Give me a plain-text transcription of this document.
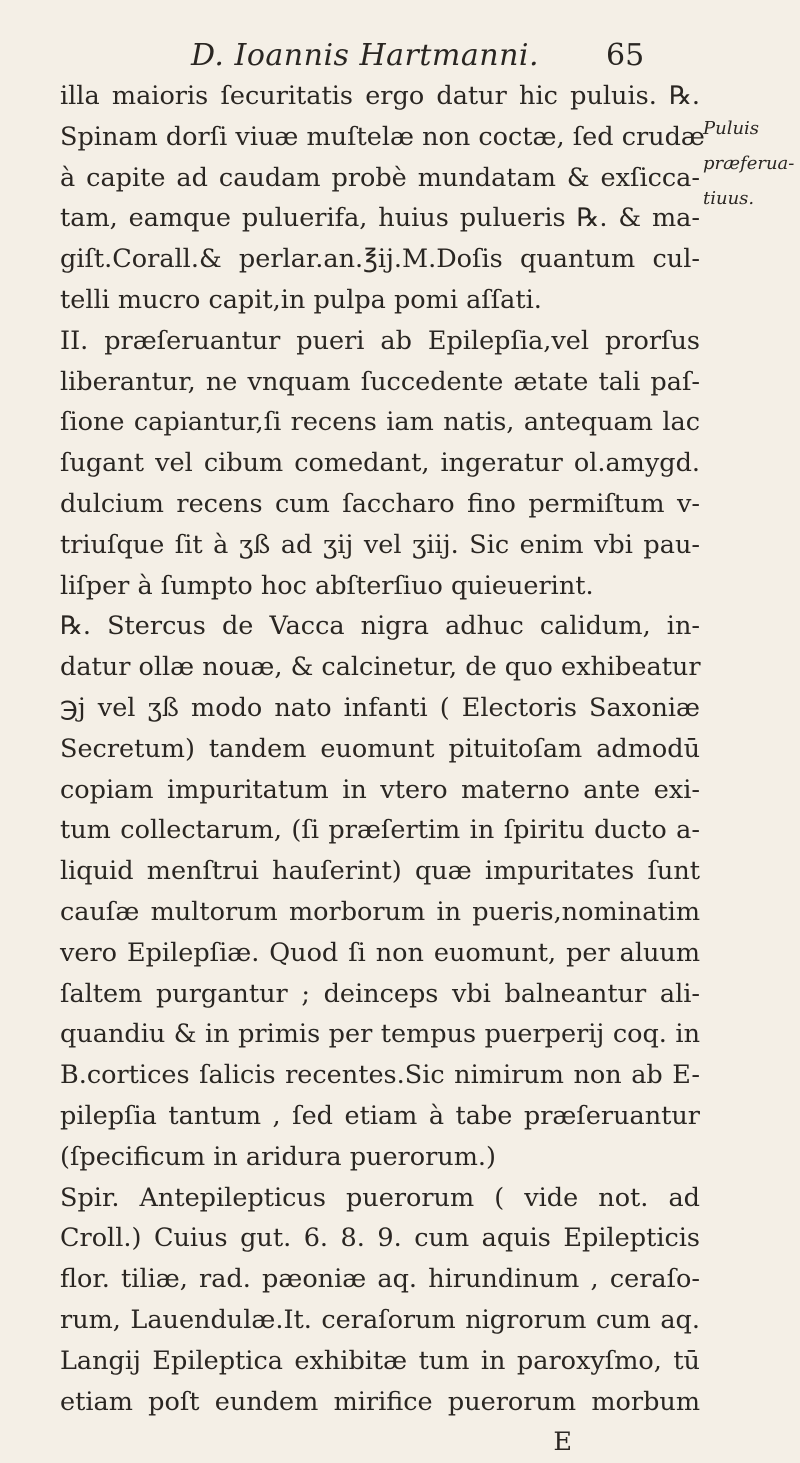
D. Ioannis Hartmanni.	65
Puluis
præferua-
tiuus.
illa maioris ſecuritatis ergo datur hic puluis. ℞.
Spinam dorſi viuæ muſtelæ non coctæ, ſed crudæ
à capite ad caudam probè mundatam & exſicca-
tam, eamque puluerifa, huius pulueris ℞. & ma-
giſt.Corall.& perlar.an.℥ij.M.Doſis quantum cul-
telli mucro capit,in pulpa pomi aſſati.
II. præſeruantur pueri ab Epilepſia,vel prorſus
liberantur, ne vnquam ſuccedente ætate tali paſ-
ſione capiantur,ſi recens iam natis, antequam lac
ſugant vel cibum comedant, ingeratur ol.amygd.
dulcium recens cum ſaccharo fino permiſtum v-
triuſque ſit à ʒß ad ʒij vel ʒiij. Sic enim vbi pau-
liſper à ſumpto hoc abſterſiuo quieuerint.
℞. Stercus de Vacca nigra adhuc calidum, in-
datur ollæ nouæ, & calcinetur, de quo exhibeatur
℈j vel ʒß modo nato infanti ( Electoris Saxoniæ
Secretum) tandem euomunt pituitoſam admodū
copiam impuritatum in vtero materno ante exi-
tum collectarum, (ſi præſertim in ſpiritu ducto a-
liquid menſtrui hauſerint) quæ impuritates ſunt
cauſæ multorum morborum in pueris,nominatim
vero Epilepſiæ. Quod ſi non euomunt, per aluum
ſaltem purgantur ; deinceps vbi balneantur ali-
quandiu & in primis per tempus puerperij coq. in
B.cortices ſalicis recentes.Sic nimirum non ab E-
pilepſia tantum , ſed etiam à tabe præſeruantur
(ſpecificum in aridura puerorum.)
Spir. Antepilepticus puerorum ( vide not. ad
Croll.) Cuius gut. 6. 8. 9. cum aquis Epilepticis
flor. tiliæ, rad. pæoniæ aq. hirundinum , ceraſo-
rum, Lauendulæ.It. ceraſorum nigrorum cum aq.
Langij Epileptica exhibitæ tum in paroxyſmo, tū
etiam poſt eundem mirifice puerorum morbum
E
